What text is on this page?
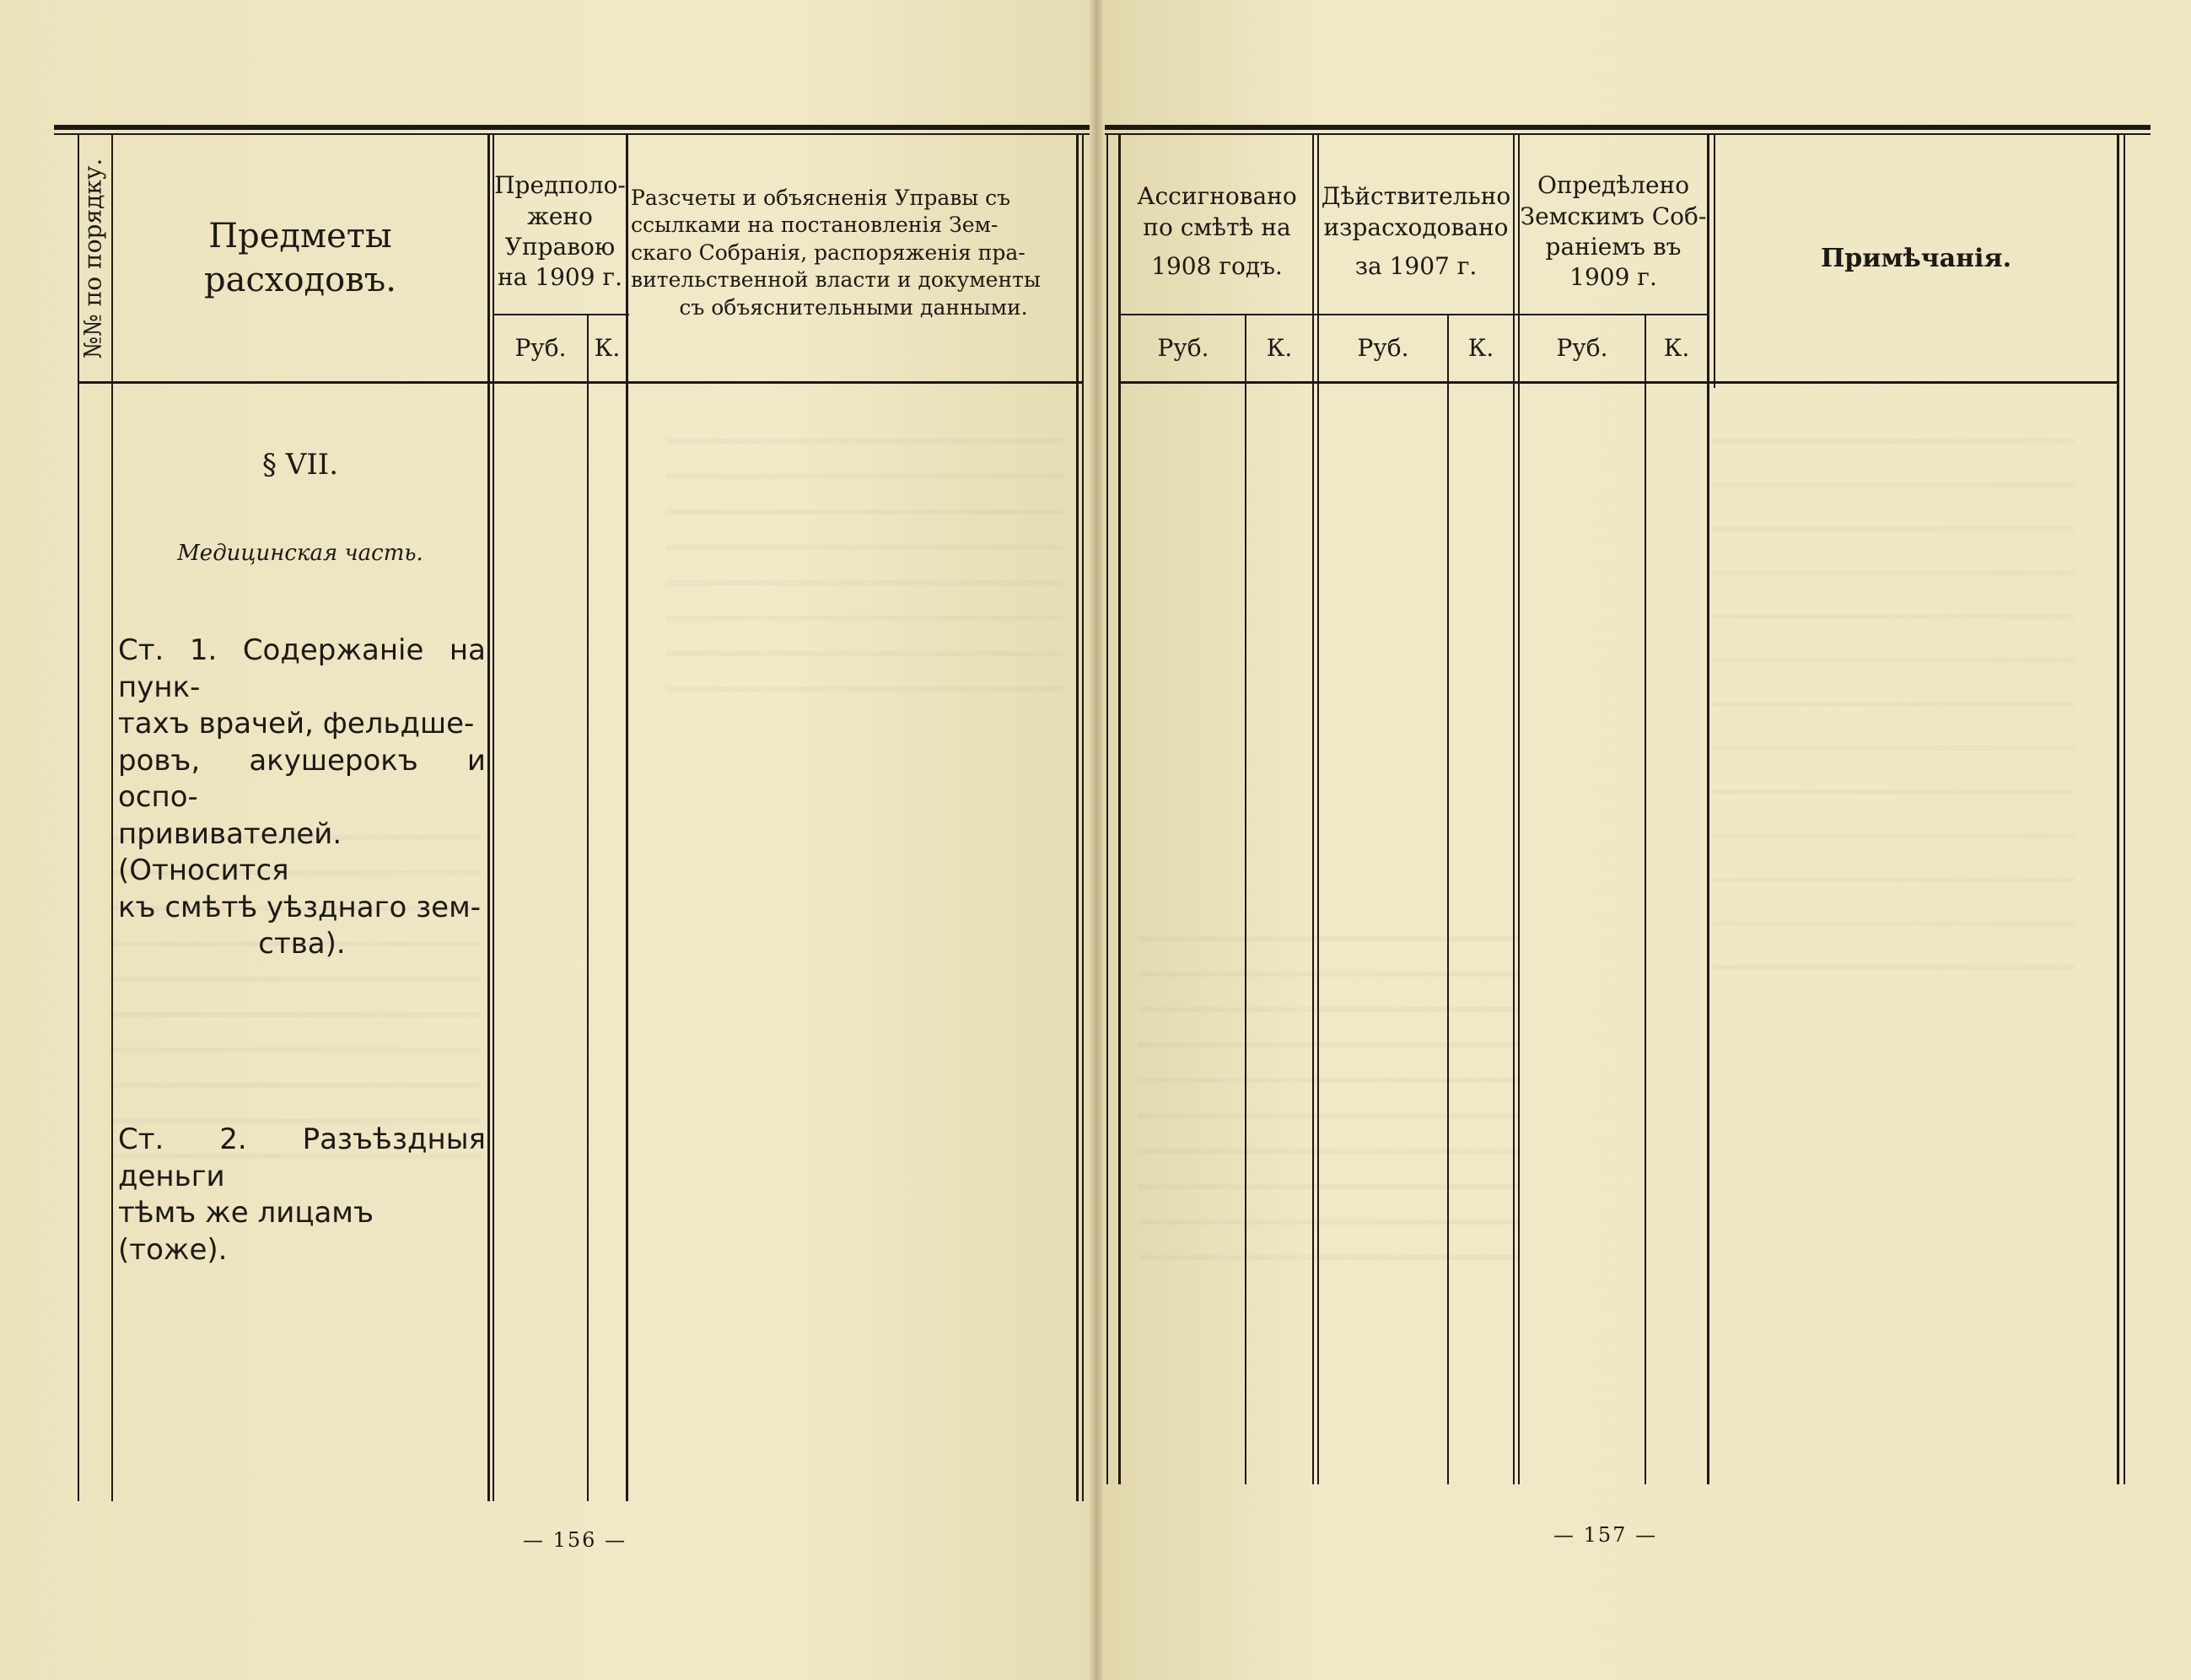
№№ по порядку.	Предметы расходовъ.
Предполо-
жено
Управою
на 1909 г.
Руб. К.
Разсчеты и объясненія Управы съ
ссылками на постановленія Зем-
скаго Собранія, распоряженія пра-
вительственной власти и документы
съ объяснительными данными.
§ VII.
Медицинская часть.
Ст. 1. Содержаніе на пунк-
тахъ врачей, фельдше-
ровъ, акушерокъ и оспо-
прививателей. (Относится
къ смѣтѣ уѣзднаго зем-
ства).
Ст. 2. Разъѣздныя деньги
тѣмъ же лицамъ (тоже).
— 156 —
Ассигновано
по смѣтѣ на
1908 годъ.
Руб. К.
Дѣйствительно
израсходовано
за 1907 г.
Руб.	К.
Опредѣлено
Земскимъ Соб-
раніемъ въ
1909 г.
Руб. К.
Примѣчанія.
— 157 —
